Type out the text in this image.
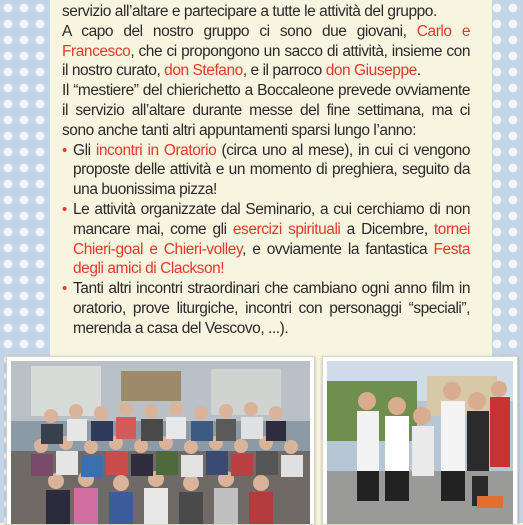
servizio all’altare e partecipare a tutte le attività del gruppo.

A capo del nostro gruppo ci sono due giovani, Carlo e Francesco, che ci propongono un sacco di attività, insieme con il nostro curato, don Stefano, e il parroco don Giuseppe.

Il “mestiere” del chierichetto a Boccaleone prevede ovviamente il servizio all’altare durante messe del fine settimana, ma ci sono anche tanti altri appuntamenti sparsi lungo l’anno:

• Gli incontri in Oratorio (circa uno al mese), in cui ci vengono proposte delle attività e un momento di preghiera, seguito da una buonissima pizza!
• Le attività organizzate dal Seminario, a cui cerchiamo di non mancare mai, come gli esercizi spirituali a Dicembre, tornei Chieri-goal e Chieri-volley, e ovviamente la fantastica Festa degli amici di Clackson!
• Tanti altri incontri straordinari che cambiano ogni anno film in oratorio, prove liturgiche, incontri con personaggi “speciali”, merenda a casa del Vescovo, ...).
